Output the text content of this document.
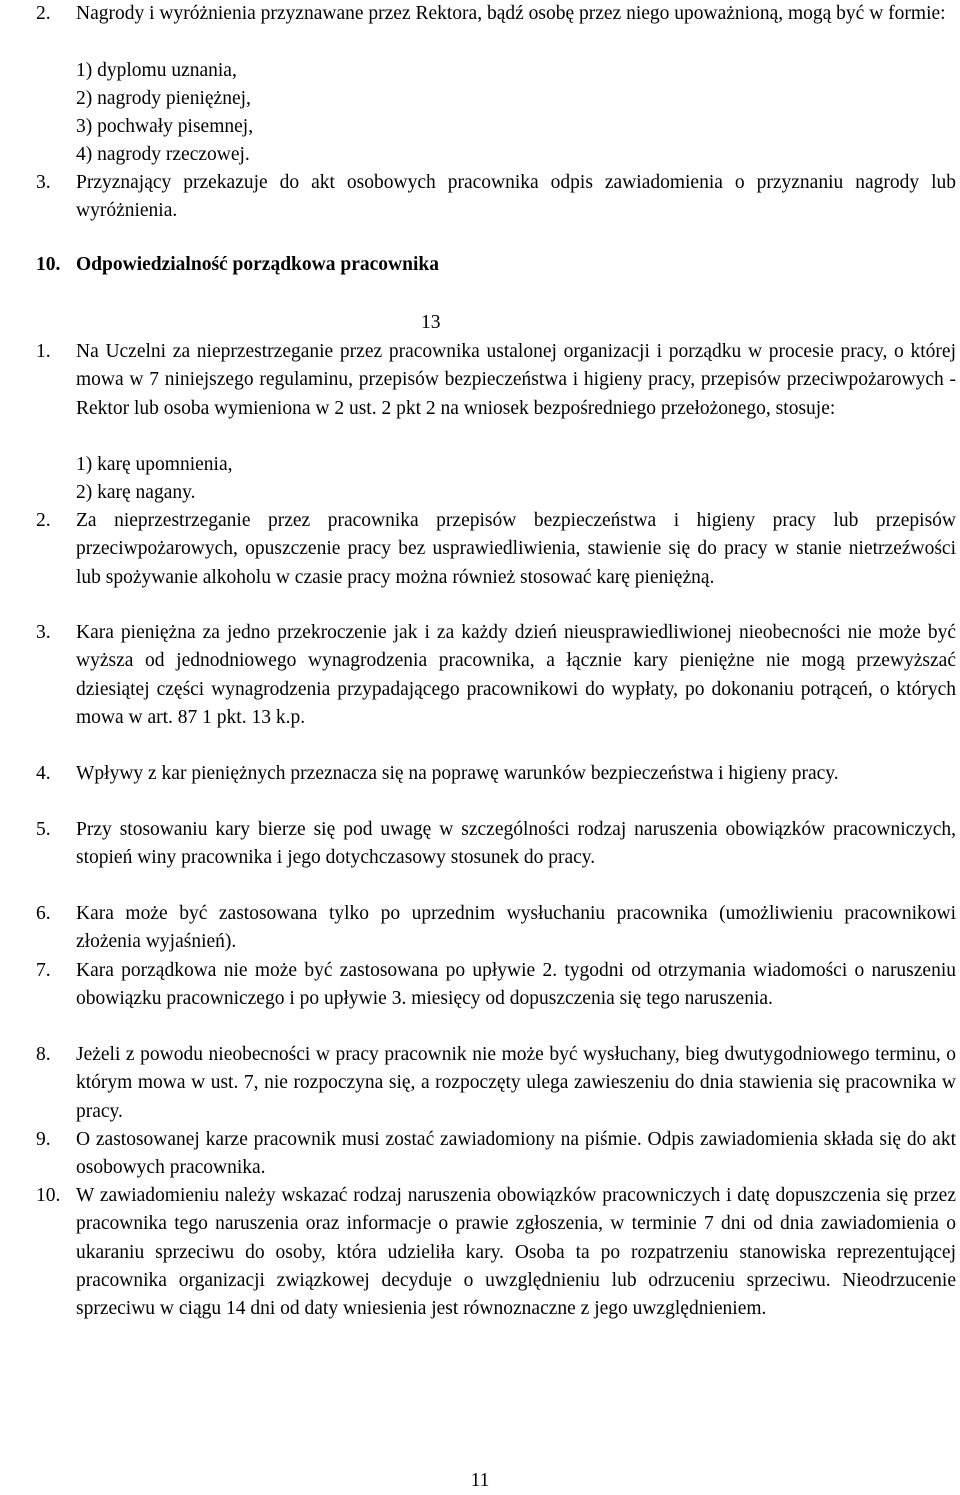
2.	Nagrody i wyróżnienia przyznawane przez Rektora, bądź osobę przez niego upoważnioną, mogą być w formie:
1) dyplomu uznania,
2) nagrody pieniężnej,
3) pochwały pisemnej,
4) nagrody rzeczowej.
3.	Przyznający przekazuje do akt osobowych pracownika odpis zawiadomienia o przyznaniu nagrody lub wyróżnienia.
10. Odpowiedzialność porządkowa pracownika
13
1.	Na Uczelni za nieprzestrzeganie przez pracownika ustalonej organizacji i porządku w procesie pracy, o której mowa w 7 niniejszego regulaminu, przepisów bezpieczeństwa i higieny pracy, przepisów przeciwpożarowych - Rektor lub osoba wymieniona w 2 ust. 2 pkt 2 na wniosek bezpośredniego przełożonego, stosuje:
1) karę upomnienia,
2) karę nagany.
2.	Za nieprzestrzeganie przez pracownika przepisów bezpieczeństwa i higieny pracy lub przepisów przeciwpożarowych, opuszczenie pracy bez usprawiedliwienia, stawienie się do pracy w stanie nietrzeźwości lub spożywanie alkoholu w czasie pracy można również stosować karę pieniężną.
3.	Kara pieniężna za jedno przekroczenie jak i za każdy dzień nieusprawiedliwionej nieobecności nie może być wyższa od jednodniowego wynagrodzenia pracownika, a łącznie kary pieniężne nie mogą przewyższać dziesiątej części wynagrodzenia przypadającego pracownikowi do wypłaty, po dokonaniu potrąceń, o których mowa w art. 87 1 pkt. 13 k.p.
4.	Wpływy z kar pieniężnych przeznacza się na poprawę warunków bezpieczeństwa i higieny pracy.
5.	Przy stosowaniu kary bierze się pod uwagę w szczególności rodzaj naruszenia obowiązków pracowniczych, stopień winy pracownika i jego dotychczasowy stosunek do pracy.
6.	Kara może być zastosowana tylko po uprzednim wysłuchaniu pracownika (umożliwieniu pracownikowi złożenia wyjaśnień).
7.	Kara porządkowa nie może być zastosowana po upływie 2. tygodni od otrzymania wiadomości o naruszeniu obowiązku pracowniczego i po upływie 3. miesięcy od dopuszczenia się tego naruszenia.
8.	Jeżeli z powodu nieobecności w pracy pracownik nie może być wysłuchany, bieg dwutygodniowego terminu, o którym mowa w ust. 7, nie rozpoczyna się, a rozpoczęty ulega zawieszeniu do dnia stawienia się pracownika w pracy.
9.	O zastosowanej karze pracownik musi zostać zawiadomiony na piśmie. Odpis zawiadomienia składa się do akt osobowych pracownika.
10. W zawiadomieniu należy wskazać rodzaj naruszenia obowiązków pracowniczych i datę dopuszczenia się przez pracownika tego naruszenia oraz informacje o prawie zgłoszenia, w terminie 7 dni od dnia zawiadomienia o ukaraniu sprzeciwu do osoby, która udzieliła kary. Osoba ta po rozpatrzeniu stanowiska reprezentującej pracownika organizacji związkowej decyduje o uwzględnieniu lub odrzuceniu sprzeciwu. Nieodrzucenie sprzeciwu w ciągu 14 dni od daty wniesienia jest równoznaczne z jego uwzględnieniem.
11
